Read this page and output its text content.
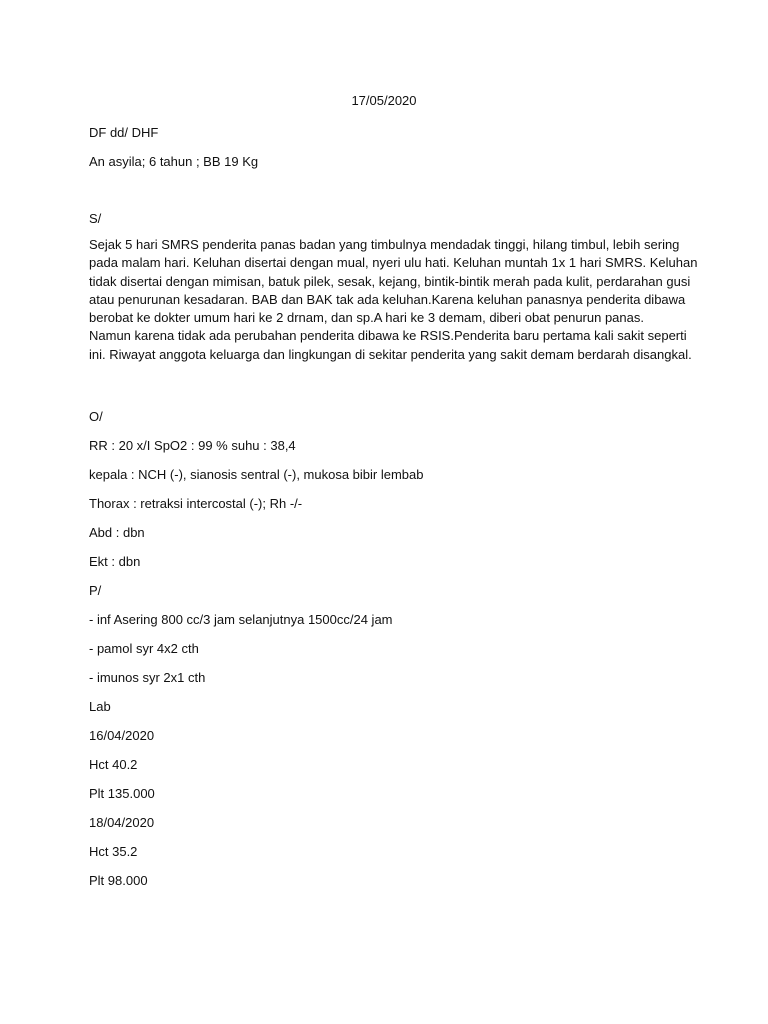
17/05/2020
DF dd/ DHF
An asyila; 6 tahun ; BB 19 Kg
S/
Sejak 5 hari SMRS penderita panas badan yang timbulnya mendadak tinggi, hilang timbul, lebih sering
pada malam hari. Keluhan disertai dengan mual, nyeri ulu hati. Keluhan muntah 1x 1 hari SMRS. Keluhan
tidak disertai dengan mimisan, batuk pilek, sesak, kejang, bintik-bintik merah pada kulit, perdarahan gusi
atau penurunan kesadaran. BAB dan BAK tak ada keluhan.Karena keluhan panasnya penderita dibawa
berobat ke dokter umum hari ke 2 drnam, dan sp.A hari ke 3 demam, diberi obat penurun panas.
Namun karena tidak ada perubahan penderita dibawa ke RSIS.Penderita baru pertama kali sakit seperti
ini. Riwayat anggota keluarga dan lingkungan di sekitar penderita yang sakit demam berdarah disangkal.
O/
RR : 20 x/I SpO2 : 99 % suhu : 38,4
kepala : NCH (-), sianosis sentral (-), mukosa bibir lembab
Thorax : retraksi intercostal (-); Rh -/-
Abd : dbn
Ekt : dbn
P/
- inf Asering 800 cc/3 jam selanjutnya 1500cc/24 jam
- pamol syr 4x2 cth
- imunos syr 2x1 cth
Lab
16/04/2020
Hct 40.2
Plt 135.000
18/04/2020
Hct 35.2
Plt 98.000
